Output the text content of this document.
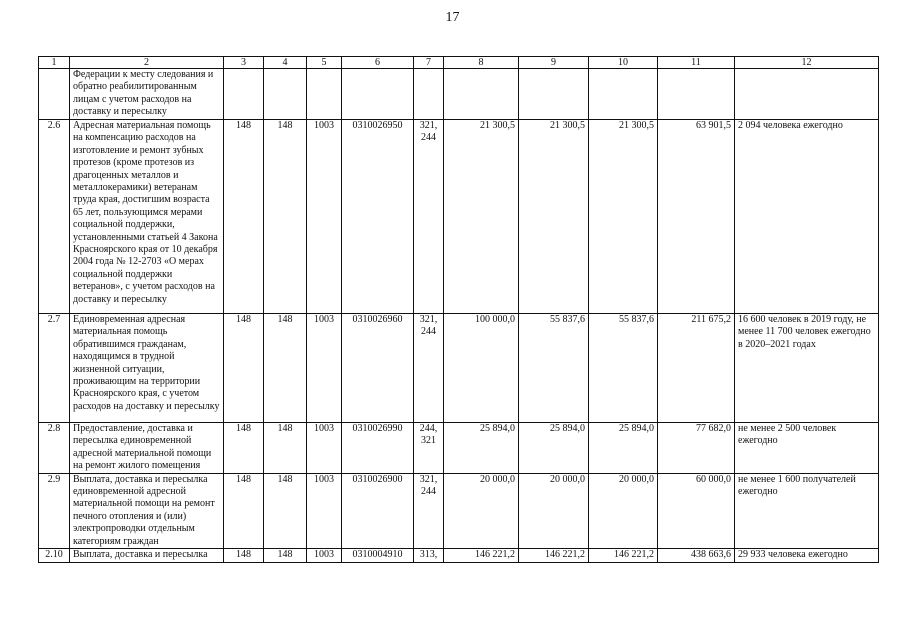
17
1	2	3	4	5	6	7	8	9	10	11	12
	Федерации к месту следования и обратно реабилитированным лицам с учетом расходов на доставку и пересылку										
2.6	Адресная материальная помощь на компенсацию расходов на изготовление и ремонт зубных протезов (кроме протезов из драгоценных металлов и металлокерамики) ветеранам труда края, достигшим возраста 65 лет, пользующимся мерами социальной поддержки, установленными статьей 4 Закона Красноярского края от 10 декабря 2004 года № 12-2703 «О мерах социальной поддержки ветеранов», с учетом расходов на доставку и пересылку	148	148	1003	0310026950	321, 244	21 300,5	21 300,5	21 300,5	63 901,5	2 094 человека ежегодно
2.7	Единовременная адресная материальная помощь обратившимся гражданам, находящимся в трудной жизненной ситуации, проживающим на территории Красноярского края, с учетом расходов на доставку и пересылку	148	148	1003	0310026960	321, 244	100 000,0	55 837,6	55 837,6	211 675,2	16 600 человек в 2019 году, не менее 11 700 человек ежегодно в 2020–2021 годах
2.8	Предоставление, доставка и пересылка единовременной адресной материальной помощи на ремонт жилого помещения	148	148	1003	0310026990	244, 321	25 894,0	25 894,0	25 894,0	77 682,0	не менее 2 500 человек ежегодно
2.9	Выплата, доставка и пересылка единовременной адресной материальной помощи на ремонт печного отопления и (или) электропроводки отдельным категориям граждан	148	148	1003	0310026900	321, 244	20 000,0	20 000,0	20 000,0	60 000,0	не менее 1 600 получателей ежегодно
2.10	Выплата, доставка и пересылка	148	148	1003	0310004910	313,	146 221,2	146 221,2	146 221,2	438 663,6	29 933 человека ежегодно
